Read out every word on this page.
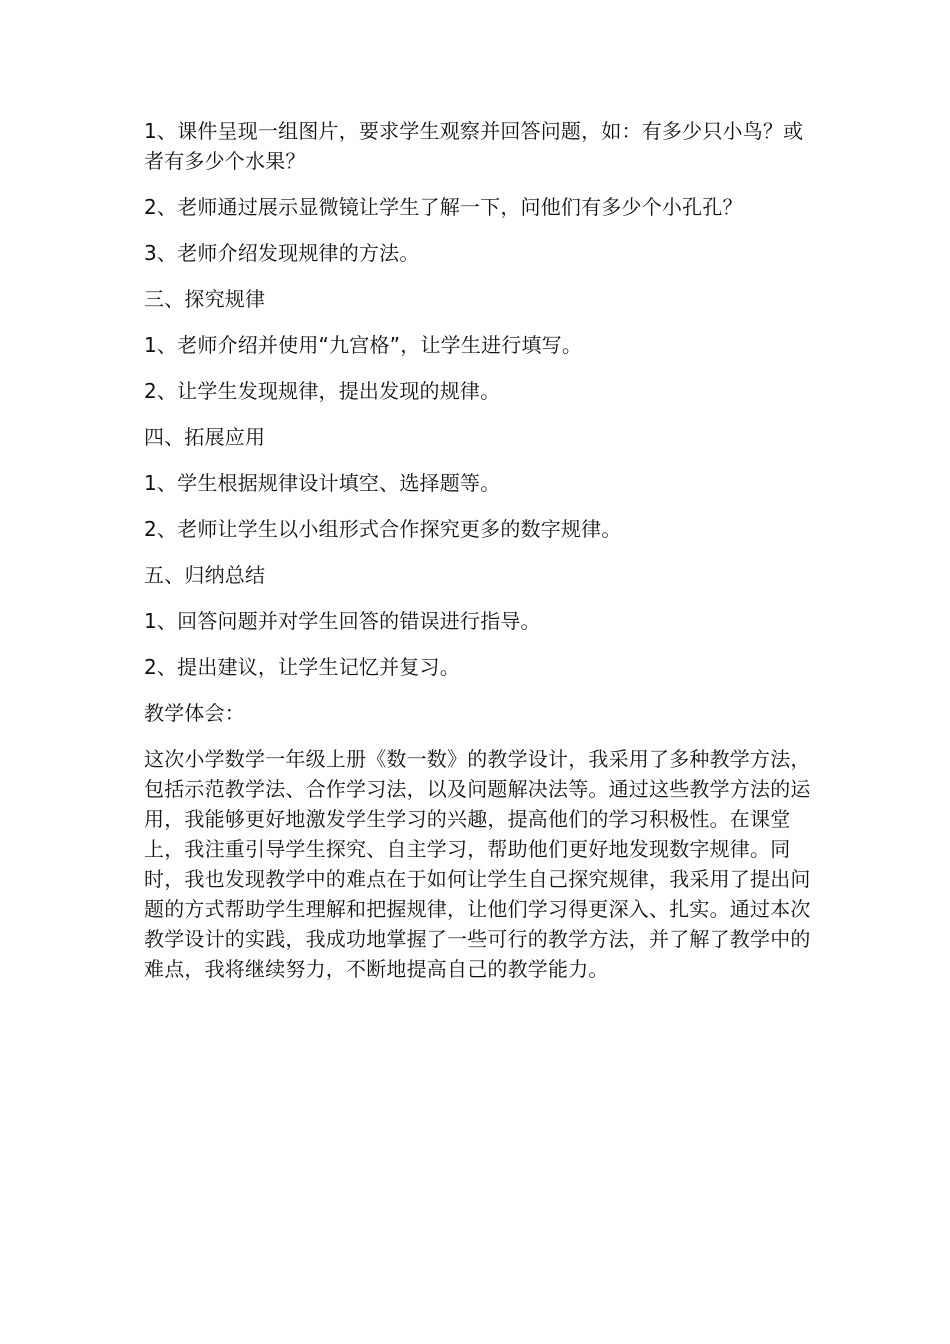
1、课件呈现一组图片，要求学生观察并回答问题，如：有多少只小鸟？或者有多少个水果？

2、老师通过展示显微镜让学生了解一下，问他们有多少个小孔孔？

3、老师介绍发现规律的方法。

三、探究规律

1、老师介绍并使用“九宫格”，让学生进行填写。

2、让学生发现规律，提出发现的规律。

四、拓展应用

1、学生根据规律设计填空、选择题等。

2、老师让学生以小组形式合作探究更多的数字规律。

五、归纳总结

1、回答问题并对学生回答的错误进行指导。

2、提出建议，让学生记忆并复习。

教学体会：

这次小学数学一年级上册《数一数》的教学设计，我采用了多种教学方法，包括示范教学法、合作学习法，以及问题解决法等。通过这些教学方法的运用，我能够更好地激发学生学习的兴趣，提高他们的学习积极性。在课堂上，我注重引导学生探究、自主学习，帮助他们更好地发现数字规律。同时，我也发现教学中的难点在于如何让学生自己探究规律，我采用了提出问题的方式帮助学生理解和把握规律，让他们学习得更深入、扎实。通过本次教学设计的实践，我成功地掌握了一些可行的教学方法，并了解了教学中的难点，我将继续努力，不断地提高自己的教学能力。
